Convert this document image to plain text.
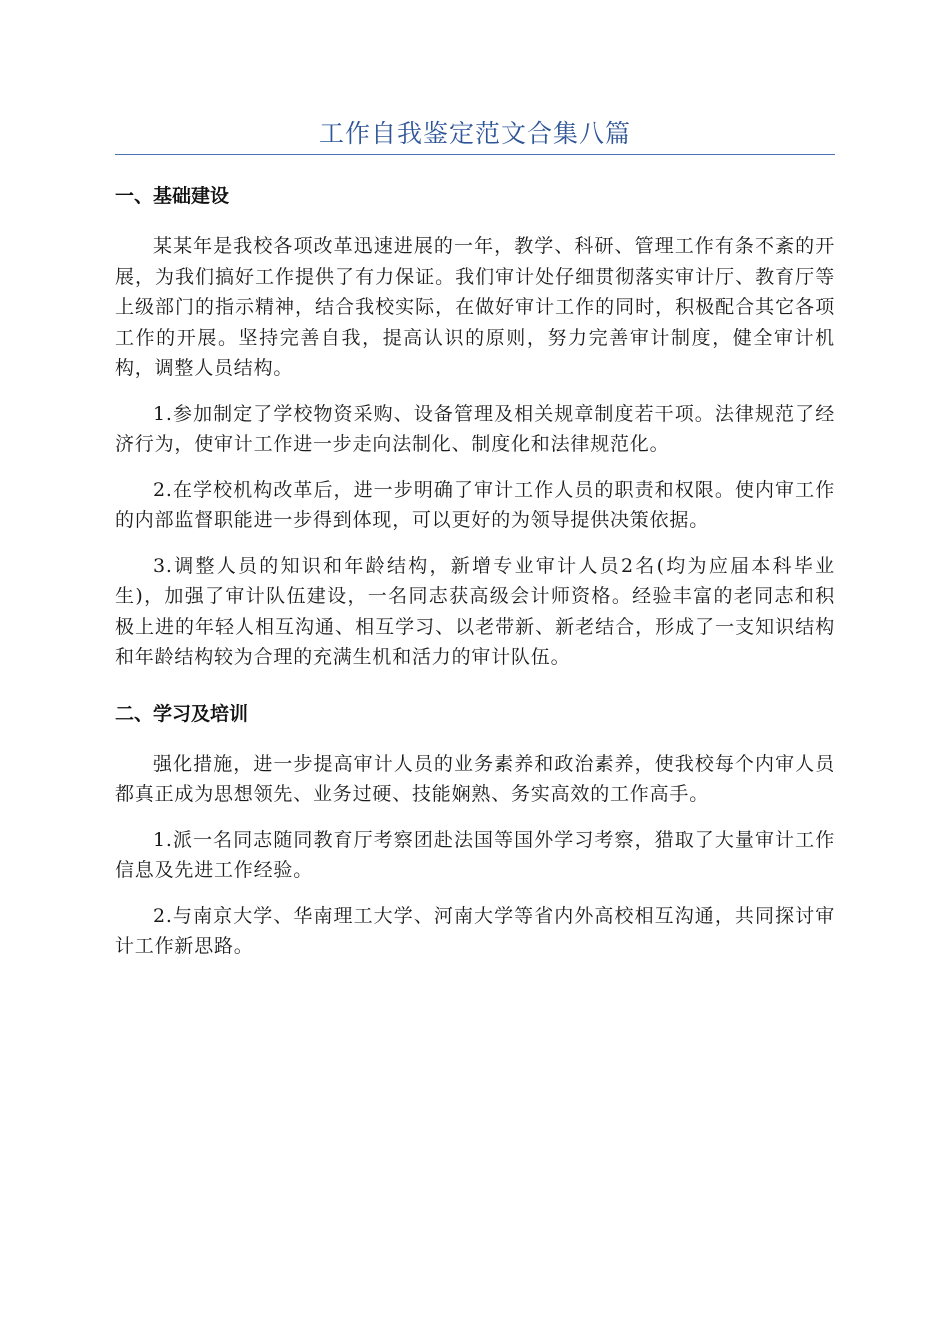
工作自我鉴定范文合集八篇
一、基础建设

某某年是我校各项改革迅速进展的一年，教学、科研、管理工作有条不紊的开展，为我们搞好工作提供了有力保证。我们审计处仔细贯彻落实审计厅、教育厅等上级部门的指示精神，结合我校实际，在做好审计工作的同时，积极配合其它各项工作的开展。坚持完善自我，提高认识的原则，努力完善审计制度，健全审计机构，调整人员结构。

1.参加制定了学校物资采购、设备管理及相关规章制度若干项。法律规范了经济行为，使审计工作进一步走向法制化、制度化和法律规范化。

2.在学校机构改革后，进一步明确了审计工作人员的职责和权限。使内审工作的内部监督职能进一步得到体现，可以更好的为领导提供决策依据。

3.调整人员的知识和年龄结构，新增专业审计人员2名(均为应届本科毕业生)，加强了审计队伍建设，一名同志获高级会计师资格。经验丰富的老同志和积极上进的年轻人相互沟通、相互学习、以老带新、新老结合，形成了一支知识结构和年龄结构较为合理的充满生机和活力的审计队伍。

二、学习及培训

强化措施，进一步提高审计人员的业务素养和政治素养，使我校每个内审人员都真正成为思想领先、业务过硬、技能娴熟、务实高效的工作高手。

1.派一名同志随同教育厅考察团赴法国等国外学习考察，猎取了大量审计工作信息及先进工作经验。

2.与南京大学、华南理工大学、河南大学等省内外高校相互沟通，共同探讨审计工作新思路。
